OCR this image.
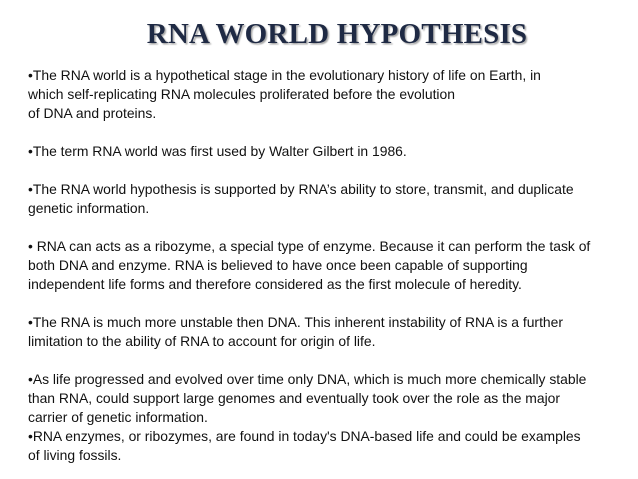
RNA WORLD HYPOTHESIS
•The RNA world is a hypothetical stage in the evolutionary history of life on Earth, in
which self-replicating RNA molecules proliferated before the evolution
of DNA and proteins.
•The term RNA world was first used by Walter Gilbert in 1986.
•The RNA world hypothesis is supported by RNA’s ability to store, transmit, and duplicate
genetic information.
• RNA can acts as a ribozyme, a special type of enzyme. Because it can perform the task of
both DNA and enzyme. RNA is believed to have once been capable of supporting
independent life forms and therefore considered as the first molecule of heredity.
•The RNA is much more unstable then DNA. This inherent instability of RNA is a further
limitation to the ability of RNA to account for origin of life.
•As life progressed and evolved over time only DNA, which is much more chemically stable
than RNA, could support large genomes and eventually took over the role as the major
carrier of genetic information.
•RNA enzymes, or ribozymes, are found in today's DNA-based life and could be examples
of living fossils.
